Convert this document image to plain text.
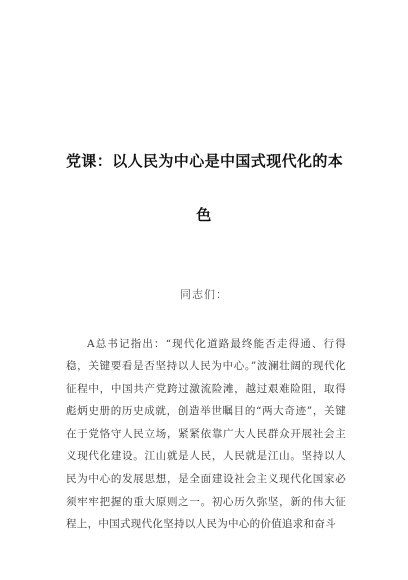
党课：以人民为中心是中国式现代化的本
色
同志们：

A总书记指出：“现代化道路最终能否走得通、行得稳，关键要看是否坚持以人民为中心。”波澜壮阔的现代化征程中，中国共产党跨过激流险滩，越过艰难险阻，取得彪炳史册的历史成就，创造举世瞩目的“两大奇迹”，关键在于党恪守人民立场，紧紧依靠广大人民群众开展社会主义现代化建设。江山就是人民，人民就是江山。坚持以人民为中心的发展思想，是全面建设社会主义现代化国家必须牢牢把握的重大原则之一。初心历久弥坚，新的伟大征程上，中国式现代化坚持以人民为中心的价值追求和奋斗
